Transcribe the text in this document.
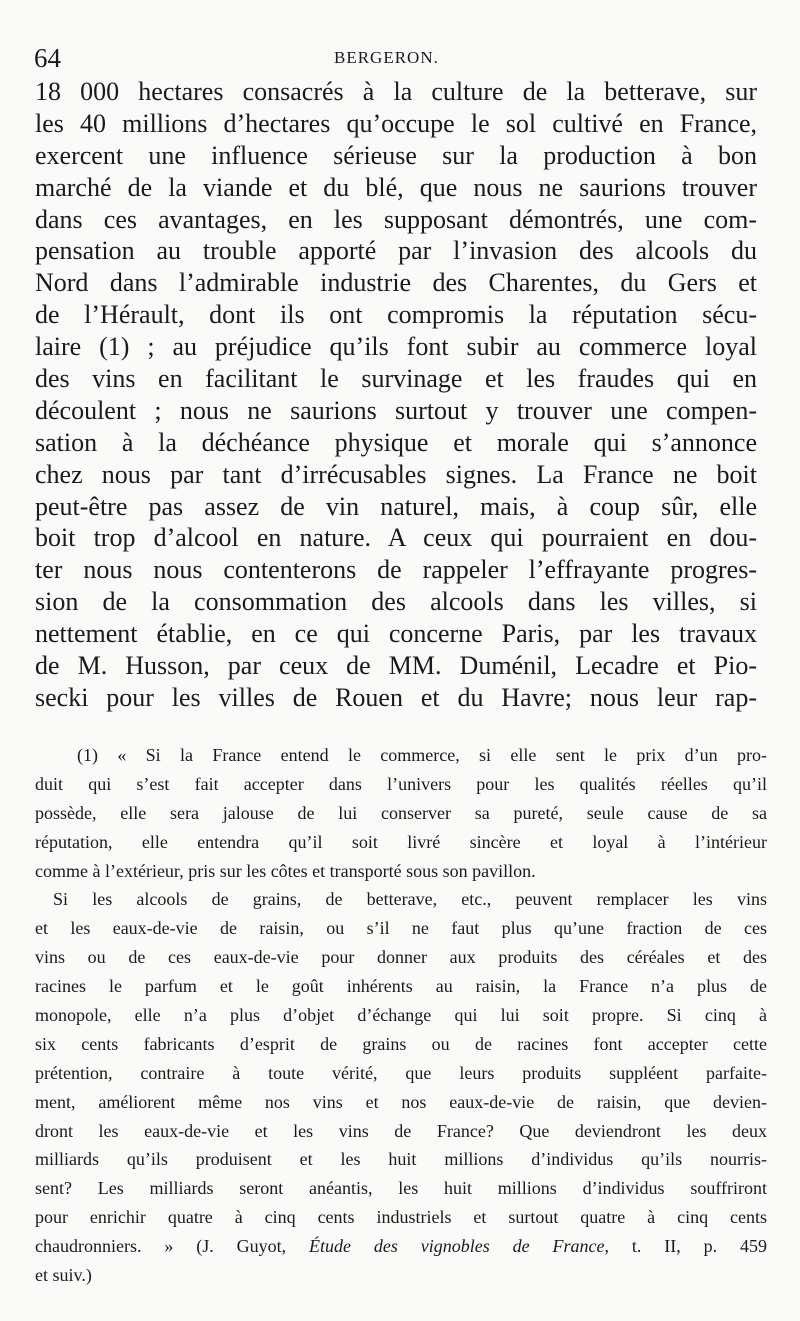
64	BERGERON.
18 000 hectares consacrés à la culture de la betterave, sur
les 40 millions d’hectares qu’occupe le sol cultivé en France,
exercent une influence sérieuse sur la production à bon
marché de la viande et du blé, que nous ne saurions trouver
dans ces avantages, en les supposant démontrés, une com-
pensation au trouble apporté par l’invasion des alcools du
Nord dans l’admirable industrie des Charentes, du Gers et
de l’Hérault, dont ils ont compromis la réputation sécu-
laire (1) ; au préjudice qu’ils font subir au commerce loyal
des vins en facilitant le survinage et les fraudes qui en
découlent ; nous ne saurions surtout y trouver une compen-
sation à la déchéance physique et morale qui s’annonce
chez nous par tant d’irrécusables signes. La France ne boit
peut-être pas assez de vin naturel, mais, à coup sûr, elle
boit trop d’alcool en nature. A ceux qui pourraient en dou-
ter nous nous contenterons de rappeler l’effrayante progres-
sion de la consommation des alcools dans les villes, si
nettement établie, en ce qui concerne Paris, par les travaux
de M. Husson, par ceux de MM. Duménil, Lecadre et Pio-
secki pour les villes de Rouen et du Havre; nous leur rap-
(1) « Si la France entend le commerce, si elle sent le prix d’un pro-
duit qui s’est fait accepter dans l’univers pour les qualités réelles qu’il
possède, elle sera jalouse de lui conserver sa pureté, seule cause de sa
réputation, elle entendra qu’il soit livré sincère et loyal à l’intérieur
comme à l’extérieur, pris sur les côtes et transporté sous son pavillon.
Si les alcools de grains, de betterave, etc., peuvent remplacer les vins
et les eaux-de-vie de raisin, ou s’il ne faut plus qu’une fraction de ces
vins ou de ces eaux-de-vie pour donner aux produits des céréales et des
racines le parfum et le goût inhérents au raisin, la France n’a plus de
monopole, elle n’a plus d’objet d’échange qui lui soit propre. Si cinq à
six cents fabricants d’esprit de grains ou de racines font accepter cette
prétention, contraire à toute vérité, que leurs produits suppléent parfaite-
ment, améliorent même nos vins et nos eaux-de-vie de raisin, que devien-
dront les eaux-de-vie et les vins de France? Que deviendront les deux
milliards qu’ils produisent et les huit millions d’individus qu’ils nourris-
sent? Les milliards seront anéantis, les huit millions d’individus souffriront
pour enrichir quatre à cinq cents industriels et surtout quatre à cinq cents
chaudronniers. » (J. Guyot, Étude des vignobles de France, t. II, p. 459
et suiv.)
